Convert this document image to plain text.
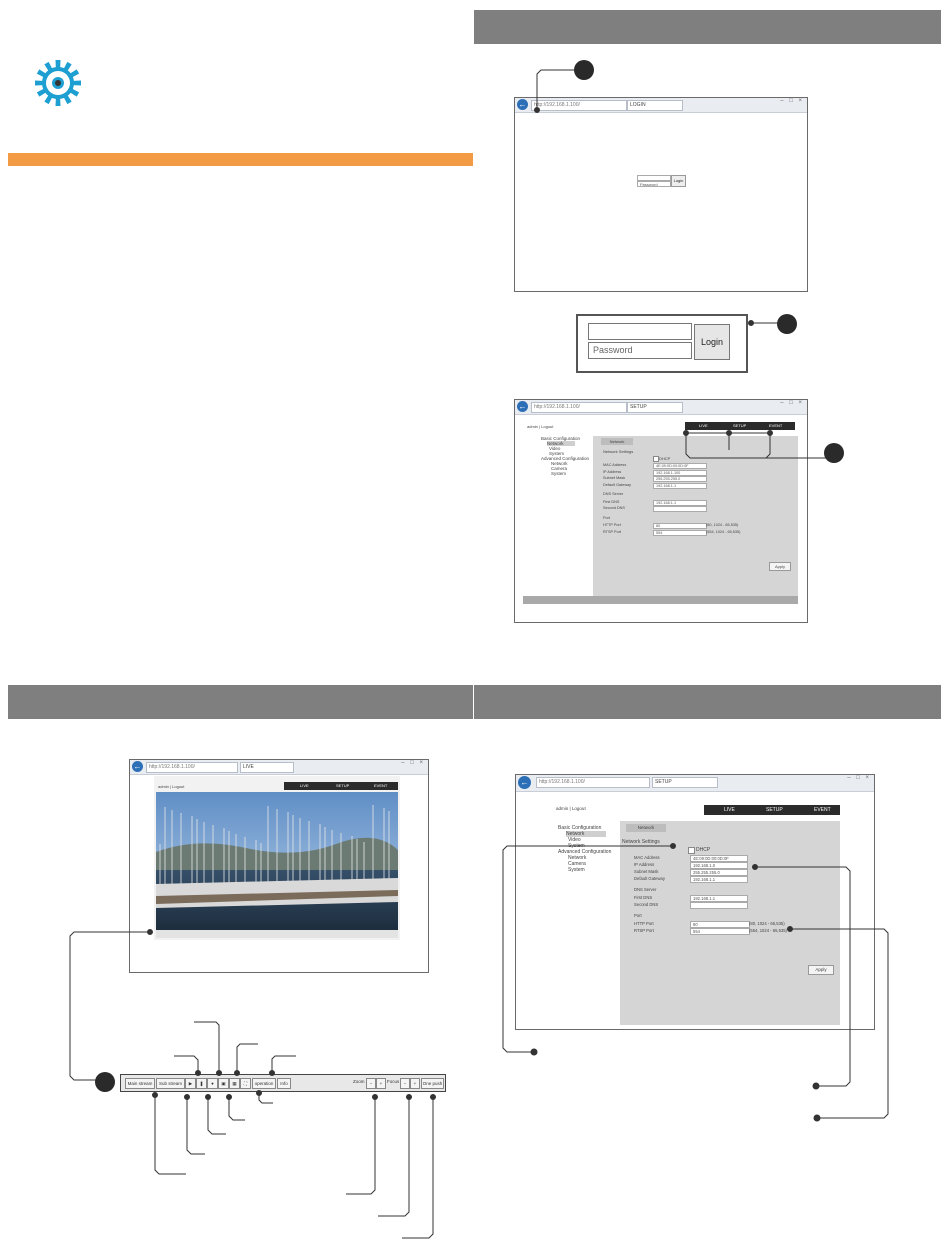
←	http://192.168.1.100/	LOGIN
– □ ×
Password
Login
Password
Login
←	http://192.168.1.100/	SETUP
– □ ×
admin | Logout	LIVE	SETUP	EVENT
Basic Configuration
Network
Video
System
Advanced Configuration
Network
Camera
System
Network
Network Settings
DHCP
MAC Address	4E:09:0D:00:0D:0F
IP Address	192.168.1.100
Subnet Mask	255.255.255.0
Default Gateway	192.168.1.1
DNS Server
First DNS	192.168.1.1
Second DNS
Port
HTTP Port	80	(80, 1024 - 65,535)
RTSP Port	554	(554, 1024 - 65,535)
Apply
←	http://192.168.1.100/	LIVE
– □ ×
admin | Logout	LIVE	SETUP	EVENT
Main stream	Sub stream	▶	❚	●	▣	▦	⛶	operation	Info	Zoom	−	+	Focus −	+	One push
←	http://192.168.1.100/	SETUP
– □ ×
admin | Logout	LIVE	SETUP	EVENT
Basic Configuration
Network
Video
System
Advanced Configuration
Network
Camera
System
Network
Network Settings
DHCP
MAC Address	4E:09:0D:00:0D:0F
IP Address	192.168.1.0
Subnet Mask	255.255.255.0
Default Gateway	192.168.1.1
DNS Server
First DNS	192.168.1.1
Second DNS
Port
HTTP Port	80	(80, 1024 - 65,535)
RTSP Port	554	(554, 1024 - 65,535)
Apply
